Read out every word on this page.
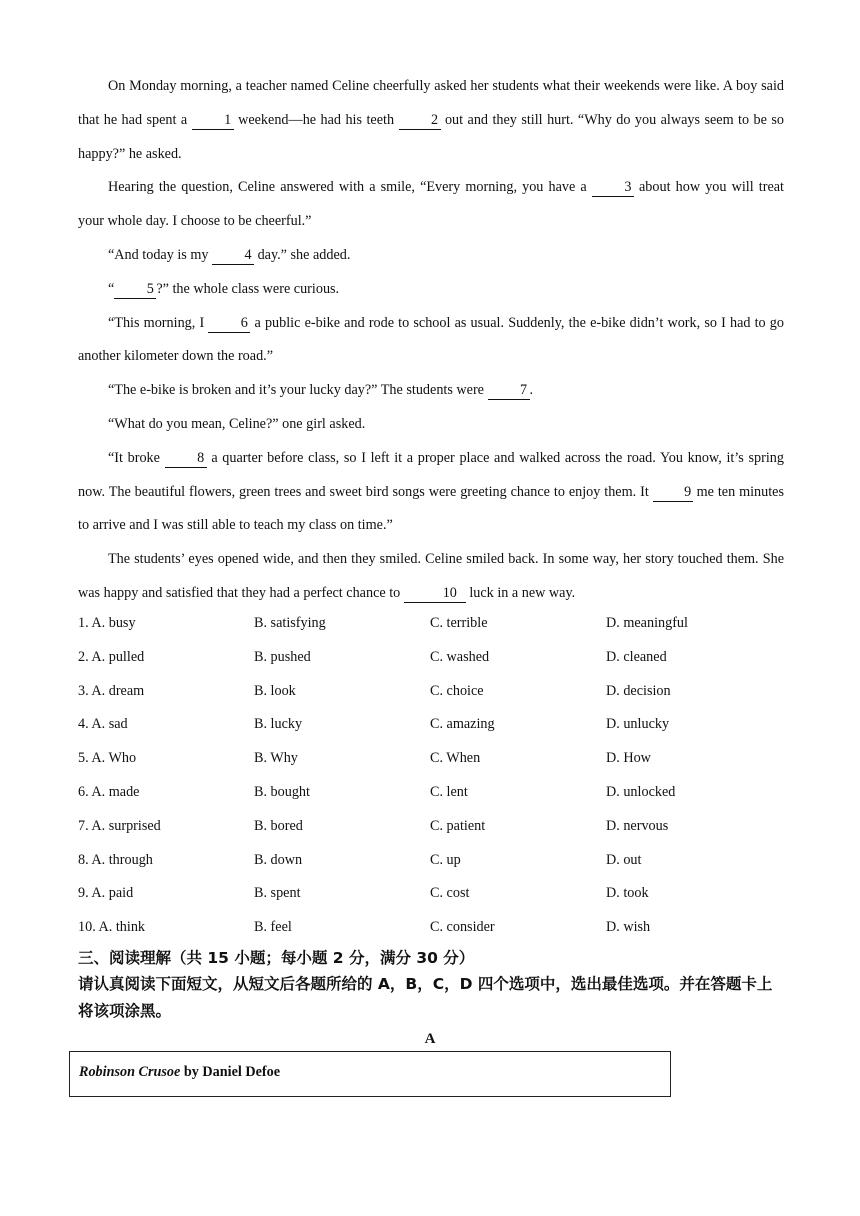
On Monday morning, a teacher named Celine cheerfully asked her students what their weekends were like. A boy said that he had spent a 1 weekend—he had his teeth 2 out and they still hurt. “Why do you always seem to be so happy?” he asked.

Hearing the question, Celine answered with a smile, “Every morning, you have a 3 about how you will treat your whole day. I choose to be cheerful.”

“And today is my 4 day.” she added.

“ 5 ?” the whole class were curious.

“This morning, I 6 a public e-bike and rode to school as usual. Suddenly, the e-bike didn’t work, so I had to go another kilometer down the road.”

“The e-bike is broken and it’s your lucky day?” The students were 7 .

“What do you mean, Celine?” one girl asked.

“It broke 8 a quarter before class, so I left it a proper place and walked across the road. You know, it’s spring now. The beautiful flowers, green trees and sweet bird songs were greeting chance to enjoy them. It 9 me ten minutes to arrive and I was still able to teach my class on time.”

The students’ eyes opened wide, and then they smiled. Celine smiled back. In some way, her story touched them. She was happy and satisfied that they had a perfect chance to	10 luck in a new way.

1. A. busy	B. satisfying	C. terrible	D. meaningful
2. A. pulled	B. pushed	C. washed	D. cleaned
3. A. dream	B. look	C. choice	D. decision
4. A. sad	B. lucky	C. amazing	D. unlucky
5. A. Who	B. Why	C. When	D. How
6. A. made	B. bought	C. lent	D. unlocked
7. A. surprised	B. bored	C. patient	D. nervous
8. A. through	B. down	C. up	D. out
9. A. paid	B. spent	C. cost	D. took
10. A. think	B. feel	C. consider	D. wish
三、阅读理解（共 15 小题；每小题 2 分，满分 30 分）
请认真阅读下面短文，从短文后各题所给的 A，B，C，D 四个选项中，选出最佳选项。并在答题卡上将该项涂黑。
A
Robinson Crusoe by Daniel Defoe
